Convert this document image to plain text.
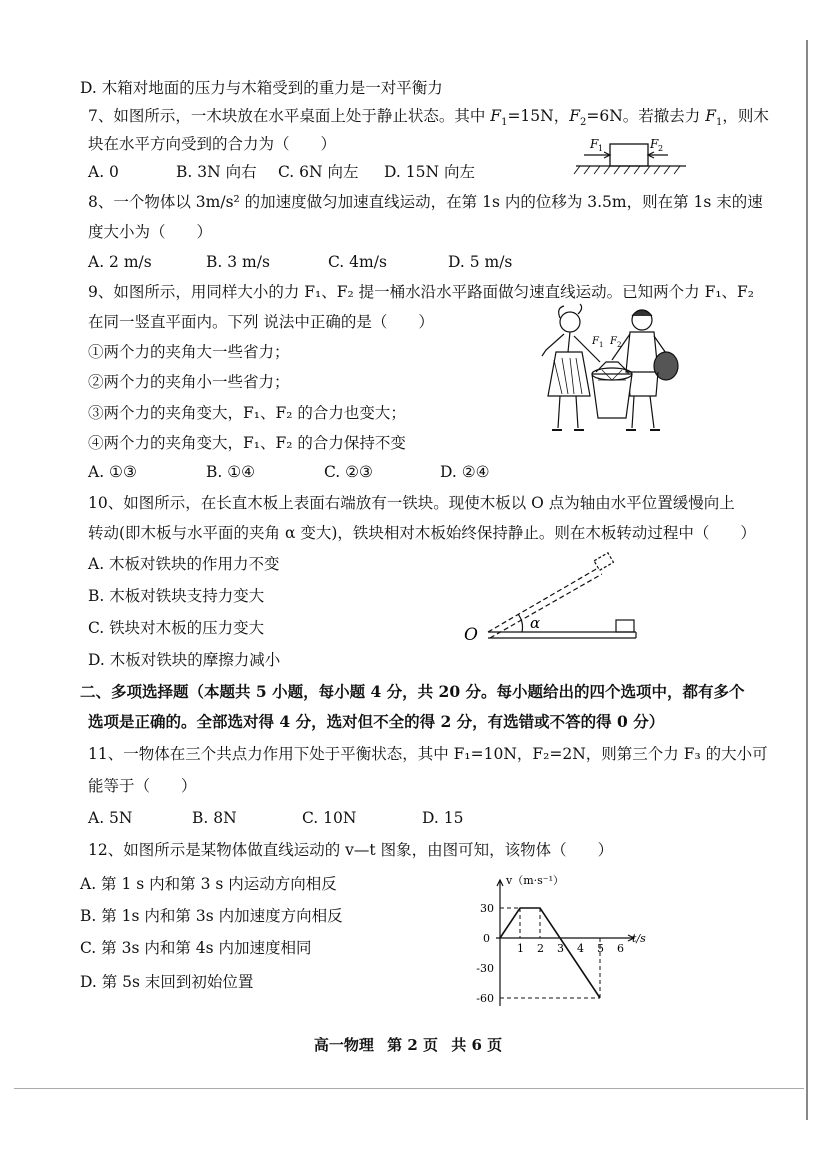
D. 木箱对地面的压力与木箱受到的重力是一对平衡力
7、如图所示，一木块放在水平桌面上处于静止状态。其中 $F_1=15N$，$F_2=6N$。若撤去力 $F_1$，则木
块在水平方向受到的合力为（　　）
A. 0	B. 3N 向右 C. 6N 向左 D. 15N 向左
F 1	F 2
8、一个物体以 3m/s² 的加速度做匀加速直线运动，在第 1s 内的位移为 3.5m，则在第 1s 末的速
度大小为（　　）
A. 2 m/s	B. 3 m/s	C. 4m/s	D. 5 m/s
9、如图所示，用同样大小的力 F₁、F₂ 提一桶水沿水平路面做匀速直线运动。已知两个力 F₁、F₂
在同一竖直平面内。下列 说法中正确的是（　　）
①两个力的夹角大一些省力；
②两个力的夹角小一些省力；
③两个力的夹角变大，F₁、F₂ 的合力也变大；
④两个力的夹角变大，F₁、F₂ 的合力保持不变
A. ①③	B. ①④	C. ②③	D. ②④
F 1 F 2
10、如图所示，在长直木板上表面右端放有一铁块。现使木板以 O 点为轴由水平位置缓慢向上
转动(即木板与水平面的夹角 α 变大)，铁块相对木板始终保持静止。则在木板转动过程中（　　）
A. 木板对铁块的作用力不变
B. 木板对铁块支持力变大
C. 铁块对木板的压力变大
D. 木板对铁块的摩擦力减小
O
α
二、多项选择题（本题共 5 小题，每小题 4 分，共 20 分。每小题给出的四个选项中，都有多个
选项是正确的。全部选对得 4 分，选对但不全的得 2 分，有选错或不答的得 0 分）
11、一物体在三个共点力作用下处于平衡状态，其中 F₁=10N，F₂=2N，则第三个力 F₃ 的大小可
能等于（　　）
A. 5N	B. 8N	C. 10N	D. 15
12、如图所示是某物体做直线运动的 v—t 图象，由图可知，该物体（　　）
A. 第 1 s 内和第 3 s 内运动方向相反
B. 第 1s 内和第 3s 内加速度方向相反
C. 第 3s 内和第 4s 内加速度相同
D. 第 5s 末回到初始位置
30
0
-30
-60
1 2 3 4 5 6
v（m·s⁻¹）
t/s
高一物理 第 2 页 共 6 页
